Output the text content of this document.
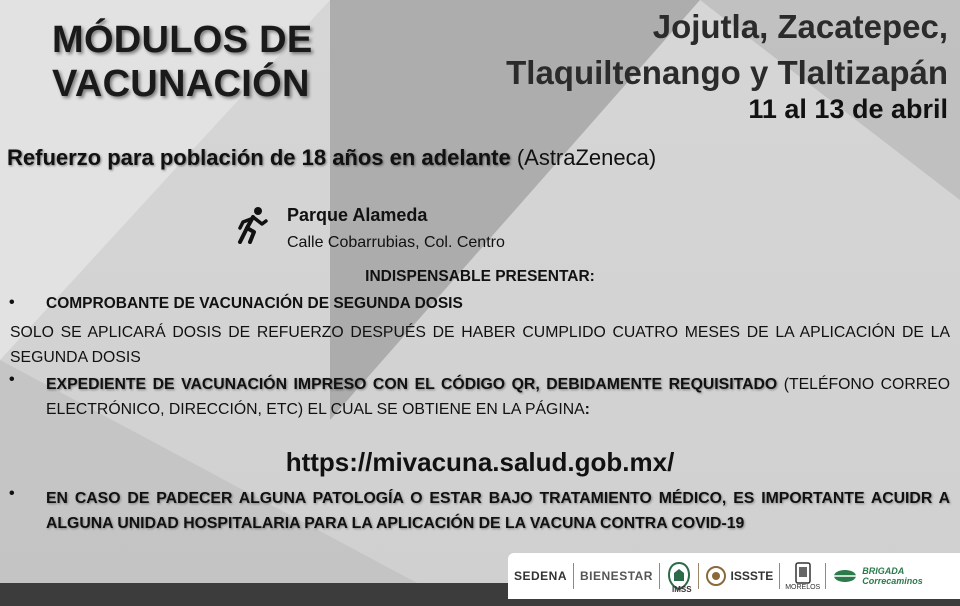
MÓDULOS DE
VACUNACIÓN
Jojutla, Zacatepec,
Tlaquiltenango y Tlaltizapán
11 al 13 de abril
Refuerzo para población de 18 años en adelante (AstraZeneca)
Parque Alameda
Calle Cobarrubias, Col. Centro
INDISPENSABLE PRESENTAR:
• COMPROBANTE DE VACUNACIÓN DE SEGUNDA DOSIS
SOLO SE APLICARÁ DOSIS DE REFUERZO DESPUÉS DE HABER CUMPLIDO CUATRO MESES DE LA APLICACIÓN DE LA SEGUNDA DOSIS
• EXPEDIENTE DE VACUNACIÓN IMPRESO CON EL CÓDIGO QR, DEBIDAMENTE REQUISITADO (TELÉFONO CORREO ELECTRÓNICO, DIRECCIÓN, ETC) EL CUAL SE OBTIENE EN LA PÁGINA:
https://mivacuna.salud.gob.mx/
• EN CASO DE PADECER ALGUNA PATOLOGÍA O ESTAR BAJO TRATAMIENTO MÉDICO, ES IMPORTANTE ACUIDR A ALGUNA UNIDAD HOSPITALARIA PARA LA APLICACIÓN DE LA VACUNA CONTRA COVID-19
SEDENA	BIENESTAR
IMSS
ISSSTE
MORELOS
BRIGADA
Correcaminos
